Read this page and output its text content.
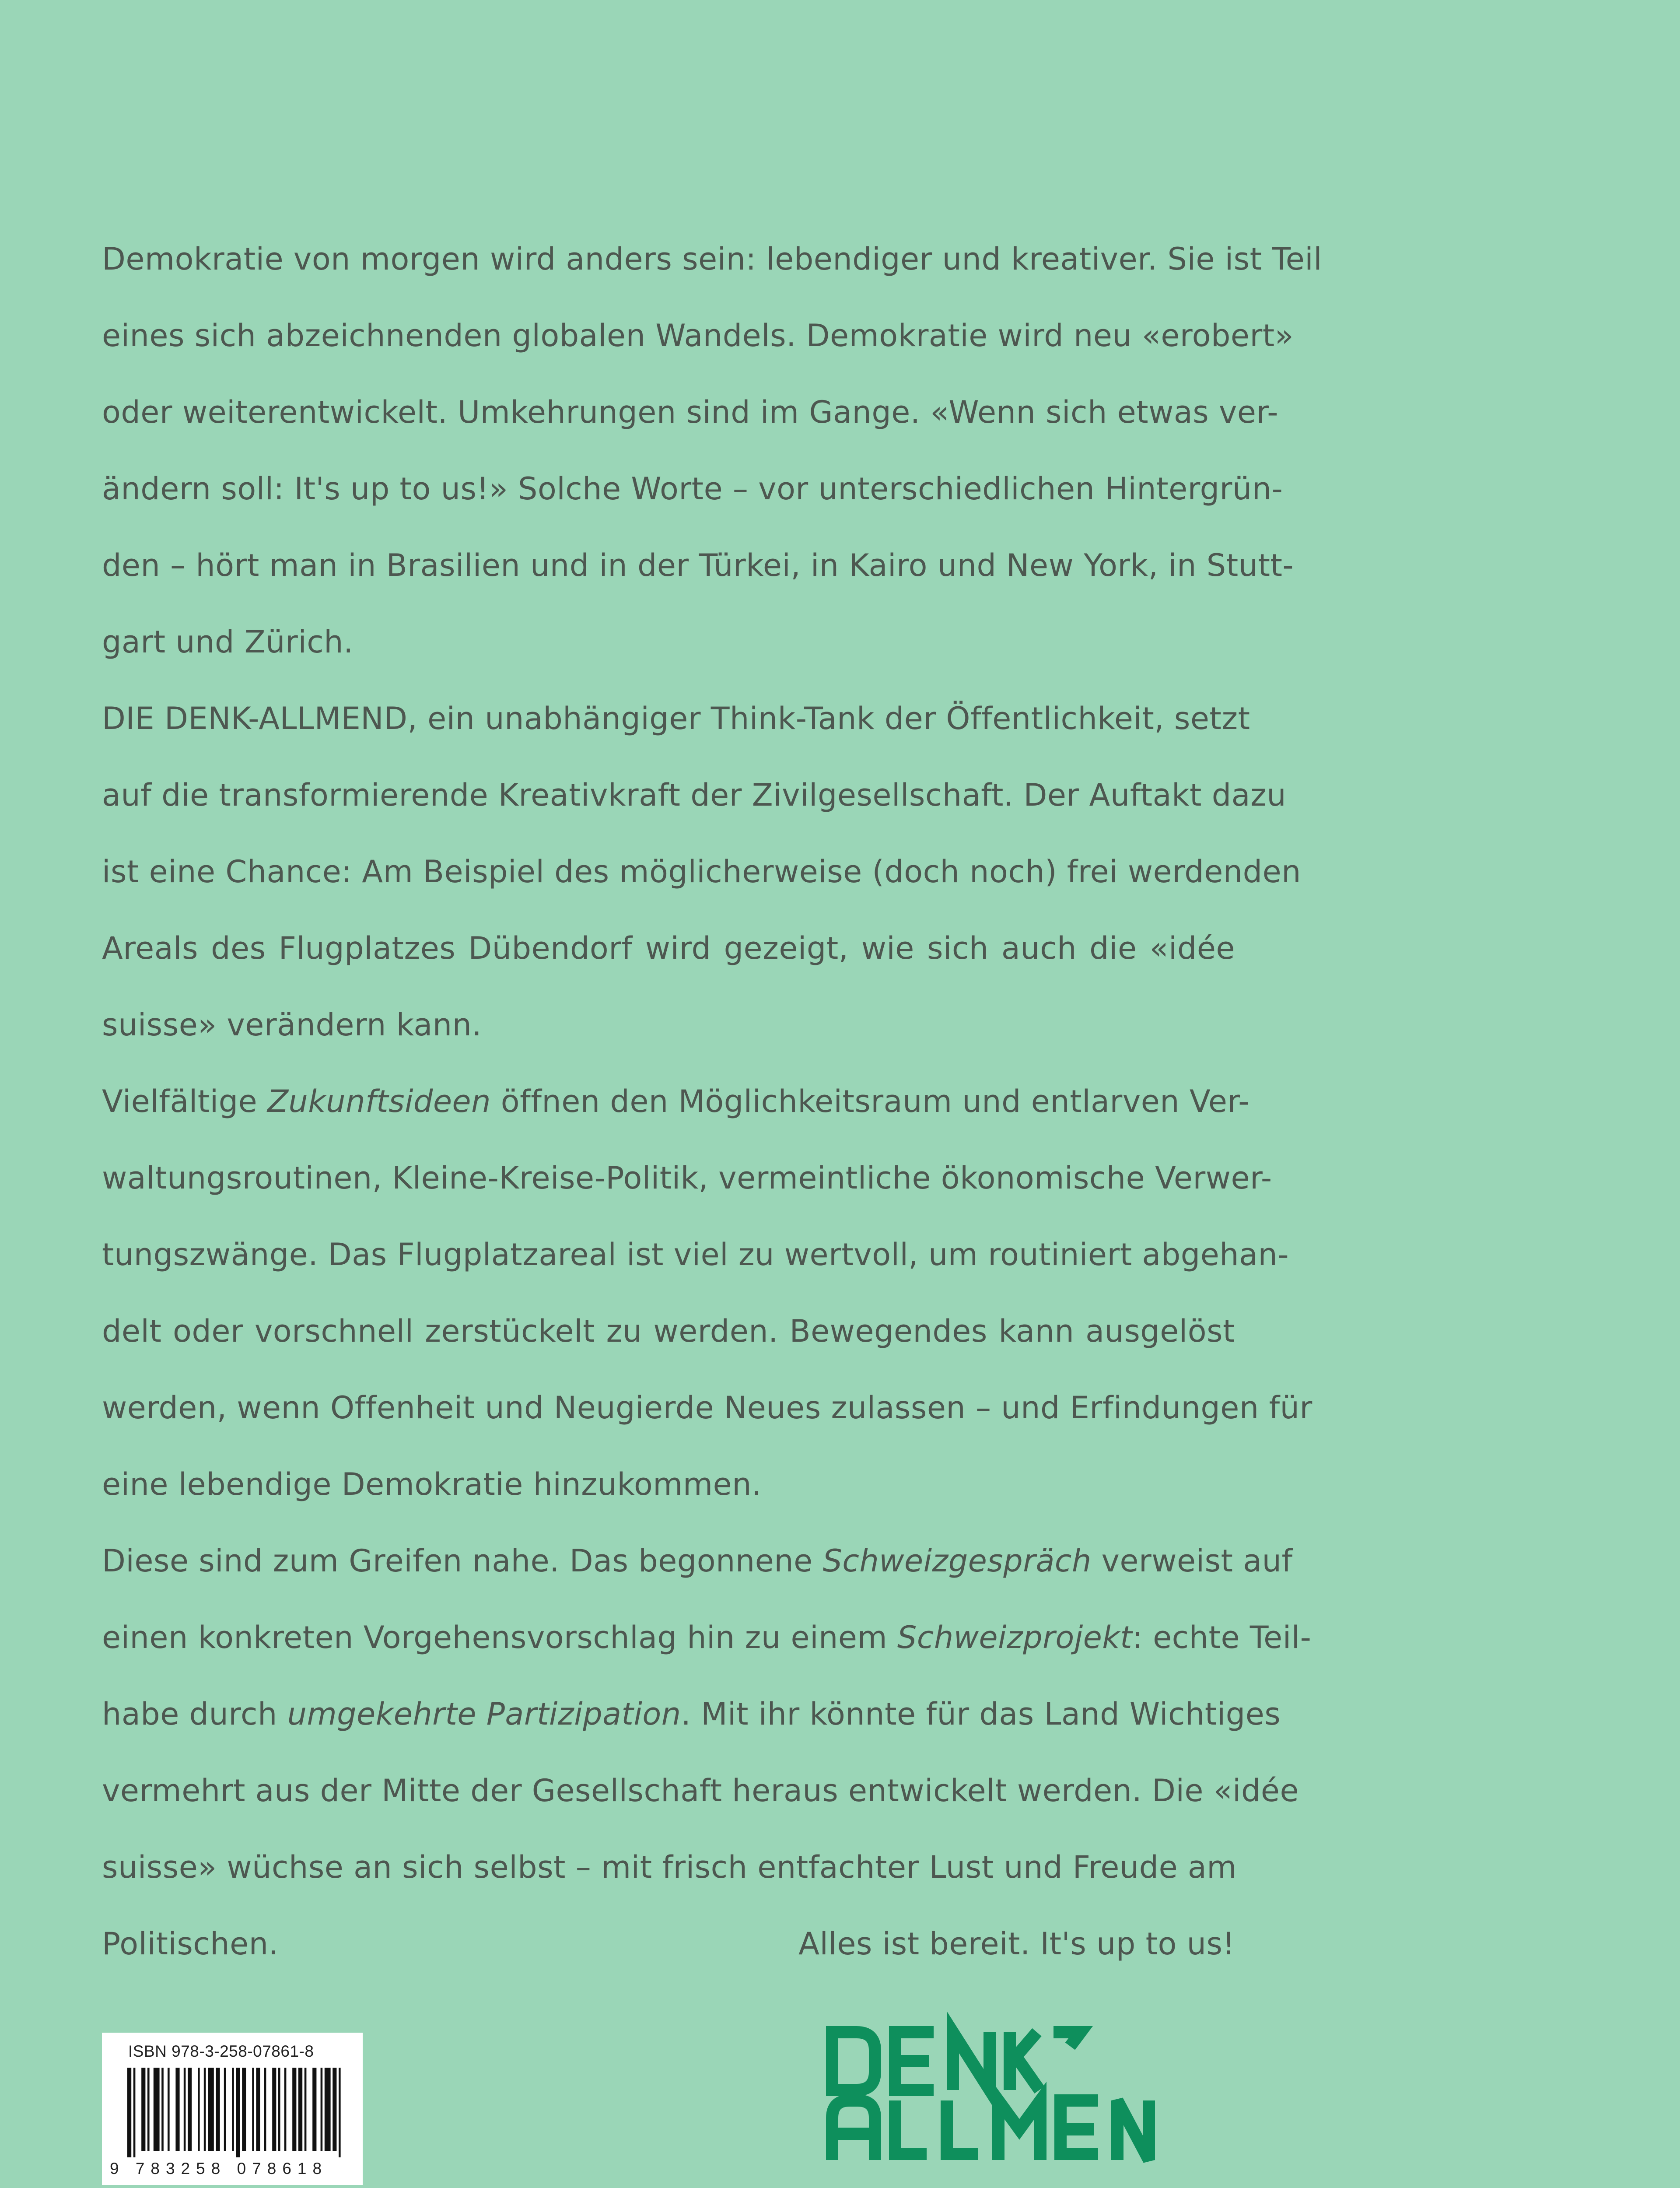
Demokratie von morgen wird anders sein: lebendiger und kreativer. Sie ist Teil
eines sich abzeichnenden globalen Wandels. Demokratie wird neu «erobert»
oder weiterentwickelt. Umkehrungen sind im Gange. «Wenn sich etwas ver-
ändern soll: It's up to us!» Solche Worte – vor unterschiedlichen Hintergrün-
den – hört man in Brasilien und in der Türkei, in Kairo und New York, in Stutt-
gart und Zürich.

DIE DENK-ALLMEND, ein unabhängiger Think-Tank der Öffentlichkeit, setzt
auf die transformierende Kreativkraft der Zivilgesellschaft. Der Auftakt dazu
ist eine Chance: Am Beispiel des möglicherweise (doch noch) frei werdenden
Areals des Flugplatzes Dübendorf wird gezeigt, wie sich auch die «idée
suisse» verändern kann.

Vielfältige Zukunftsideen öffnen den Möglichkeitsraum und entlarven Ver-
waltungsroutinen, Kleine-Kreise-Politik, vermeintliche ökonomische Verwer-
tungszwänge. Das Flugplatzareal ist viel zu wertvoll, um routiniert abgehan-
delt oder vorschnell zerstückelt zu werden. Bewegendes kann ausgelöst
werden, wenn Offenheit und Neugierde Neues zulassen – und Erfindungen für
eine lebendige Demokratie hinzukommen.

Diese sind zum Greifen nahe. Das begonnene Schweizgespräch verweist auf
einen konkreten Vorgehensvorschlag hin zu einem Schweizprojekt: echte Teil-
habe durch umgekehrte Partizipation. Mit ihr könnte für das Land Wichtiges
vermehrt aus der Mitte der Gesellschaft heraus entwickelt werden. Die «idée
suisse» wüchse an sich selbst – mit frisch entfachter Lust und Freude am
Politischen.	Alles ist bereit. It's up to us!

ISBN 978-3-258-07861-8
9 783258 078618
